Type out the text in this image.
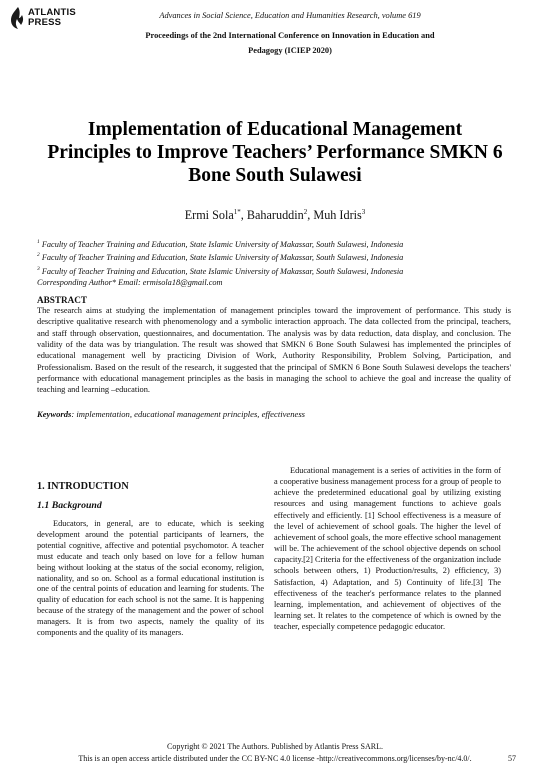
ATLANTIS
PRESS
Advances in Social Science, Education and Humanities Research, volume 619
Proceedings of the 2nd International Conference on Innovation in Education and
Pedagogy (ICIEP 2020)
Implementation of Educational Management
Principles to Improve Teachers’ Performance SMKN 6
Bone South Sulawesi
Ermi Sola$^{1*}$, Baharuddin$^2$, Muh Idris$^3$
$^1$ Faculty of Teacher Training and Education, State Islamic University of Makassar, South Sulawesi, Indonesia
$^2$ Faculty of Teacher Training and Education, State Islamic University of Makassar, South Sulawesi, Indonesia
$^3$ Faculty of Teacher Training and Education, State Islamic University of Makassar, South Sulawesi, Indonesia
Corresponding Author* Email: ermisola18@gmail.com
ABSTRACT

The research aims at studying the implementation of management principles toward the improvement of performance. This study is descriptive qualitative research with phenomenology and a symbolic interaction approach. The data collected from the principal, teachers, and staff through observation, questionnaires, and documentation. The analysis was by data reduction, data display, and conclusion. The validity of the data was by triangulation. The result was showed that SMKN 6 Bone South Sulawesi has implemented the principles of educational management well by practicing Division of Work, Authority Responsibility, Problem Solving, Participation, and Professionalism. Based on the result of the research, it suggested that the principal of SMKN 6 Bone South Sulawesi develops the teachers' performance with educational management principles as the basis in managing the school to achieve the goal and increase the quality of teaching and learning –education.

Keywords: implementation, educational management principles, effectiveness
1. INTRODUCTION
1.1 Background

Educators, in general, are to educate, which is seeking development around the potential participants of learners, the potential cognitive, affective and potential psychomotor. A teacher must educate and teach only based on love for a fellow human being without looking at the status of the social economy, religion, nationality, and so on. School as a formal educational institution is one of the central points of education and learning for students. The quality of education for each school is not the same. It is happening because of the strategy of the management and the power of school managers. It is from two aspects, namely the quality of its components and the quality of its managers.

Educational management is a series of activities in the form of a cooperative business management process for a group of people to achieve the predetermined educational goal by utilizing existing resources and using management functions to achieve goals effectively and efficiently. [1] School effectiveness is a measure of the level of achievement of school goals. The higher the level of achievement of school goals, the more effective school management will be. The achievement of the school objective depends on school capacity.[2] Criteria for the effectiveness of the organization include schools between others, 1) Production/results, 2) efficiency, 3) Satisfaction, 4) Adaptation, and 5) Continuity of life.[3] The effectiveness of the teacher's performance relates to the planned learning, implementation, and achievement of objectives of the learning set. It relates to the competence of which is owned by the teacher, especially competence pedagogic educator.

Copyright © 2021 The Authors. Published by Atlantis Press SARL.
This is an open access article distributed under the CC BY-NC 4.0 license -http://creativecommons.org/licenses/by-nc/4.0/.	57
